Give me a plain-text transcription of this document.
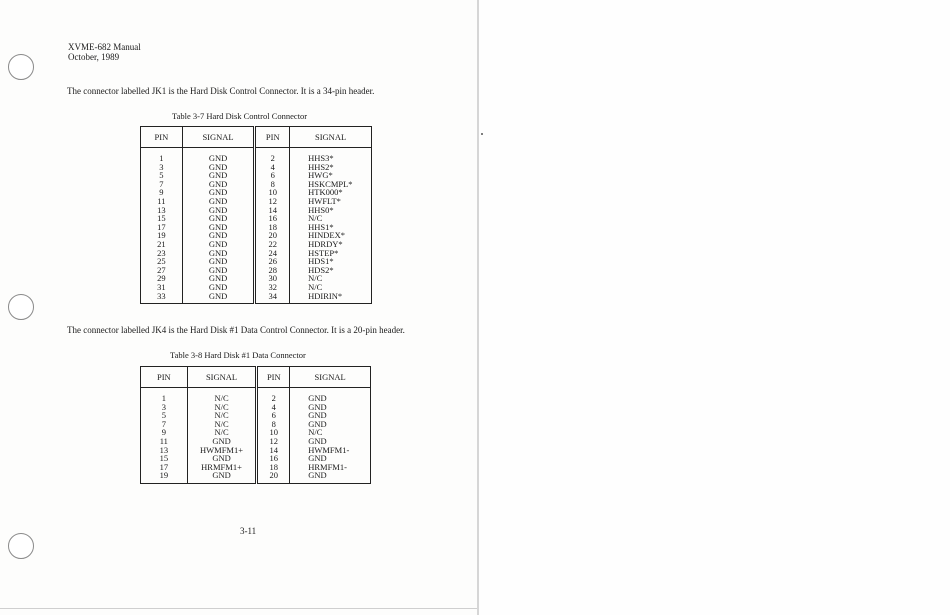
XVME-682 Manual
October, 1989
The connector labelled JK1 is the Hard Disk Control Connector. It is a 34-pin header.
Table 3-7 Hard Disk Control Connector
PIN	SIGNAL	PIN	SIGNAL
1	GND	2	HHS3*
3	GND	4	HHS2*
5	GND	6	HWG*
7	GND	8	HSKCMPL*
9	GND	10	HTK000*
11	GND	12	HWFLT*
13	GND	14	HHS0*
15	GND	16	N/C
17	GND	18	HHS1*
19	GND	20	HINDEX*
21	GND	22	HDRDY*
23	GND	24	HSTEP*
25	GND	26	HDS1*
27	GND	28	HDS2*
29	GND	30	N/C
31	GND	32	N/C
33	GND	34	HDIRIN*
The connector labelled JK4 is the Hard Disk #1 Data Control Connector. It is a 20-pin header.
Table 3-8 Hard Disk #1 Data Connector
PIN	SIGNAL	PIN	SIGNAL
1	N/C	2	GND
3	N/C	4	GND
5	N/C	6	GND
7	N/C	8	GND
9	N/C	10	N/C
11	GND	12	GND
13	HWMFM1+	14	HWMFM1-
15	GND	16	GND
17	HRMFM1+	18	HRMFM1-
19	GND	20	GND
3-11
